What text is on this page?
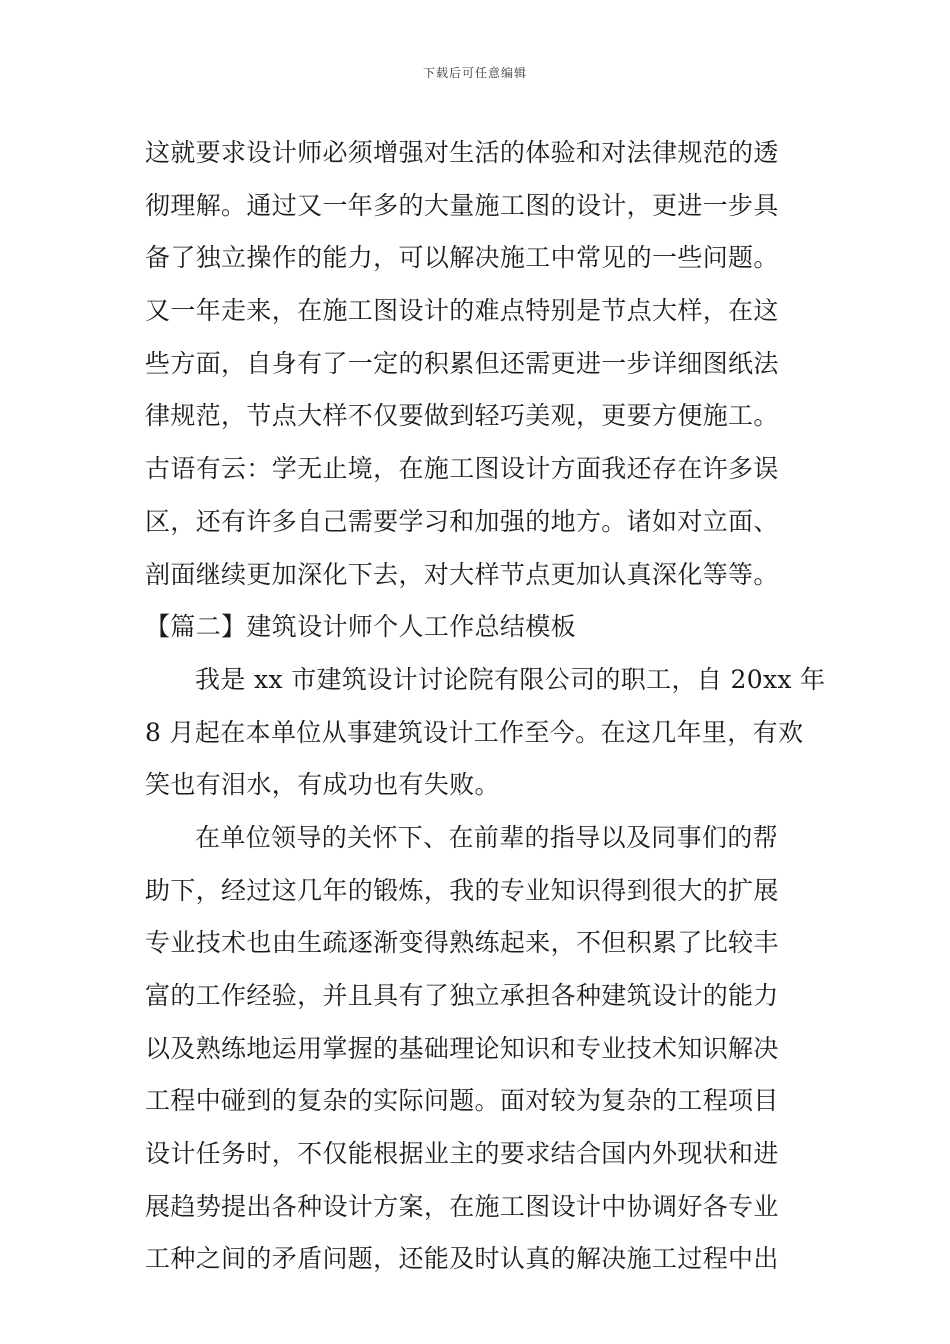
下载后可任意编辑
这就要求设计师必须增强对生活的体验和对法律规范的透
彻理解。通过又一年多的大量施工图的设计，更进一步具
备了独立操作的能力，可以解决施工中常见的一些问题。
又一年走来，在施工图设计的难点特别是节点大样，在这
些方面，自身有了一定的积累但还需更进一步详细图纸法
律规范，节点大样不仅要做到轻巧美观，更要方便施工。
古语有云：学无止境，在施工图设计方面我还存在许多误
区，还有许多自己需要学习和加强的地方。诸如对立面、
剖面继续更加深化下去，对大样节点更加认真深化等等。
【篇二】建筑设计师个人工作总结模板
我是 xx 市建筑设计讨论院有限公司的职工，自 20xx 年
8 月起在本单位从事建筑设计工作至今。在这几年里，有欢
笑也有泪水，有成功也有失败。
在单位领导的关怀下、在前辈的指导以及同事们的帮
助下，经过这几年的锻炼，我的专业知识得到很大的扩展
专业技术也由生疏逐渐变得熟练起来，不但积累了比较丰
富的工作经验，并且具有了独立承担各种建筑设计的能力
以及熟练地运用掌握的基础理论知识和专业技术知识解决
工程中碰到的复杂的实际问题。面对较为复杂的工程项目
设计任务时，不仅能根据业主的要求结合国内外现状和进
展趋势提出各种设计方案，在施工图设计中协调好各专业
工种之间的矛盾问题，还能及时认真的解决施工过程中出
